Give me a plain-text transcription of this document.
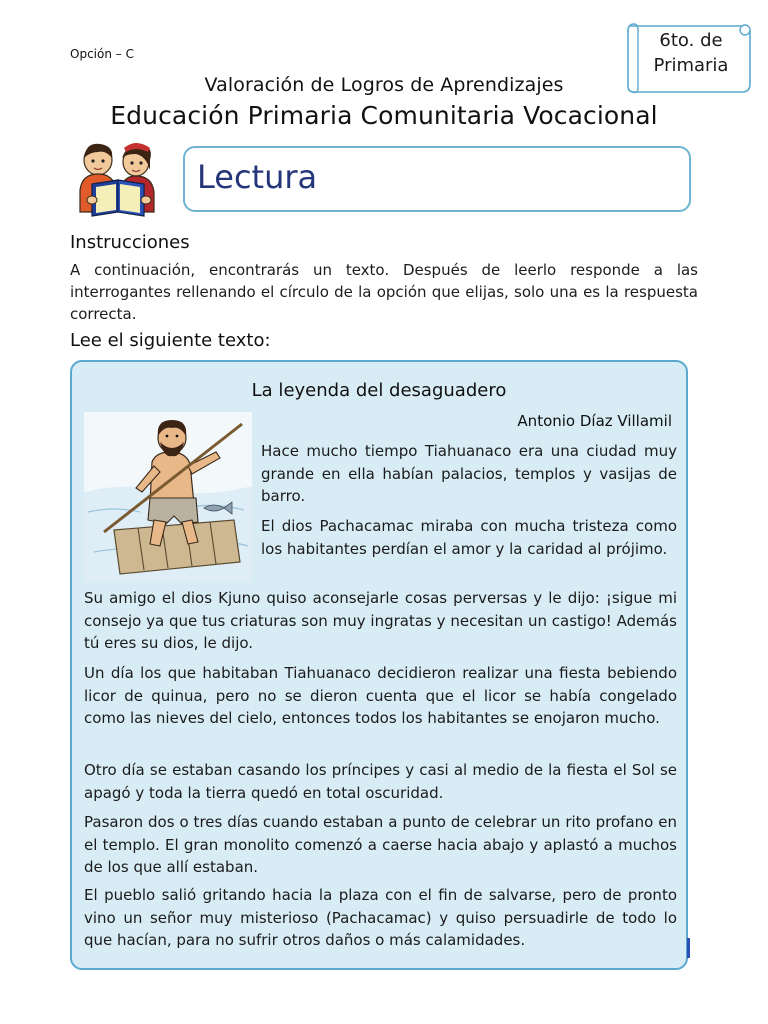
Opción – C
6to. de
Primaria
Valoración de Logros de Aprendizajes
Educación Primaria Comunitaria Vocacional
Lectura
Instrucciones
A continuación, encontrarás un texto. Después de leerlo responde a las interrogantes rellenando el círculo de la opción que elijas, solo una es la respuesta correcta.
Lee el siguiente texto:
La leyenda del desaguadero
Antonio Díaz Villamil

Hace mucho tiempo Tiahuanaco era una ciudad muy grande en ella habían palacios, templos y vasijas de barro.

El dios Pachacamac miraba con mucha tristeza como los habitantes perdían el amor y la caridad al prójimo.

Su amigo el dios Kjuno quiso aconsejarle cosas perversas y le dijo: ¡sigue mi consejo ya que tus criaturas son muy ingratas y necesitan un castigo! Además tú eres su dios, le dijo.

Un día los que habitaban Tiahuanaco decidieron realizar una fiesta bebiendo licor de quinua, pero no se dieron cuenta que el licor se había congelado como las nieves del cielo, entonces todos los habitantes se enojaron mucho.

Otro día se estaban casando los príncipes y casi al medio de la fiesta el Sol se apagó y toda la tierra quedó en total oscuridad.

Pasaron dos o tres días cuando estaban a punto de celebrar un rito profano en el templo. El gran monolito comenzó a caerse hacia abajo y aplastó a muchos de los que allí estaban.

El pueblo salió gritando hacia la plaza con el fin de salvarse, pero de pronto vino un señor muy misterioso (Pachacamac) y quiso persuadirle de todo lo que hacían, para no sufrir otros daños o más calamidades.
